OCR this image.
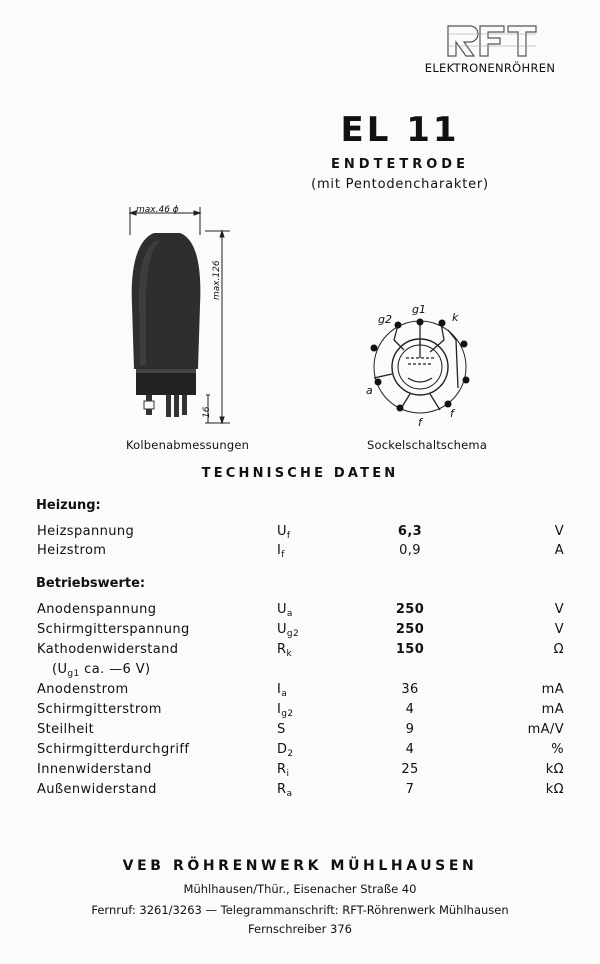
ELEKTRONENRÖHREN
EL 11
ENDTETRODE
(mit Pentodencharakter)
max.46 ϕ
max.126
16
Kolbenabmessungen
g2
g1
k
a
f
f
Sockelschaltschema
TECHNISCHE DATEN
Heizung:
Heizspannung	$U_f$	6,3	V
Heizstrom	$I_f$	0,9	A
Betriebswerte:
Anodenspannung	$U_a$	250	V
Schirmgitterspannung	$U_{g2}$	250	V
Kathodenwiderstand	$R_k$	150	Ω
($U_{g1}$ ca. —6 V)
Anodenstrom	$I_a$	36	mA
Schirmgitterstrom	$I_{g2}$	4	mA
Steilheit	S	9	mA/V
Schirmgitterdurchgriff	$D_2$	4	%
Innenwiderstand	$R_i$	25	kΩ
Außenwiderstand	$R_a$	7	kΩ
VEB RÖHRENWERK MÜHLHAUSEN
Mühlhausen/Thür., Eisenacher Straße 40
Fernruf: 3261/3263 — Telegrammanschrift: RFT-Röhrenwerk Mühlhausen
Fernschreiber 376
